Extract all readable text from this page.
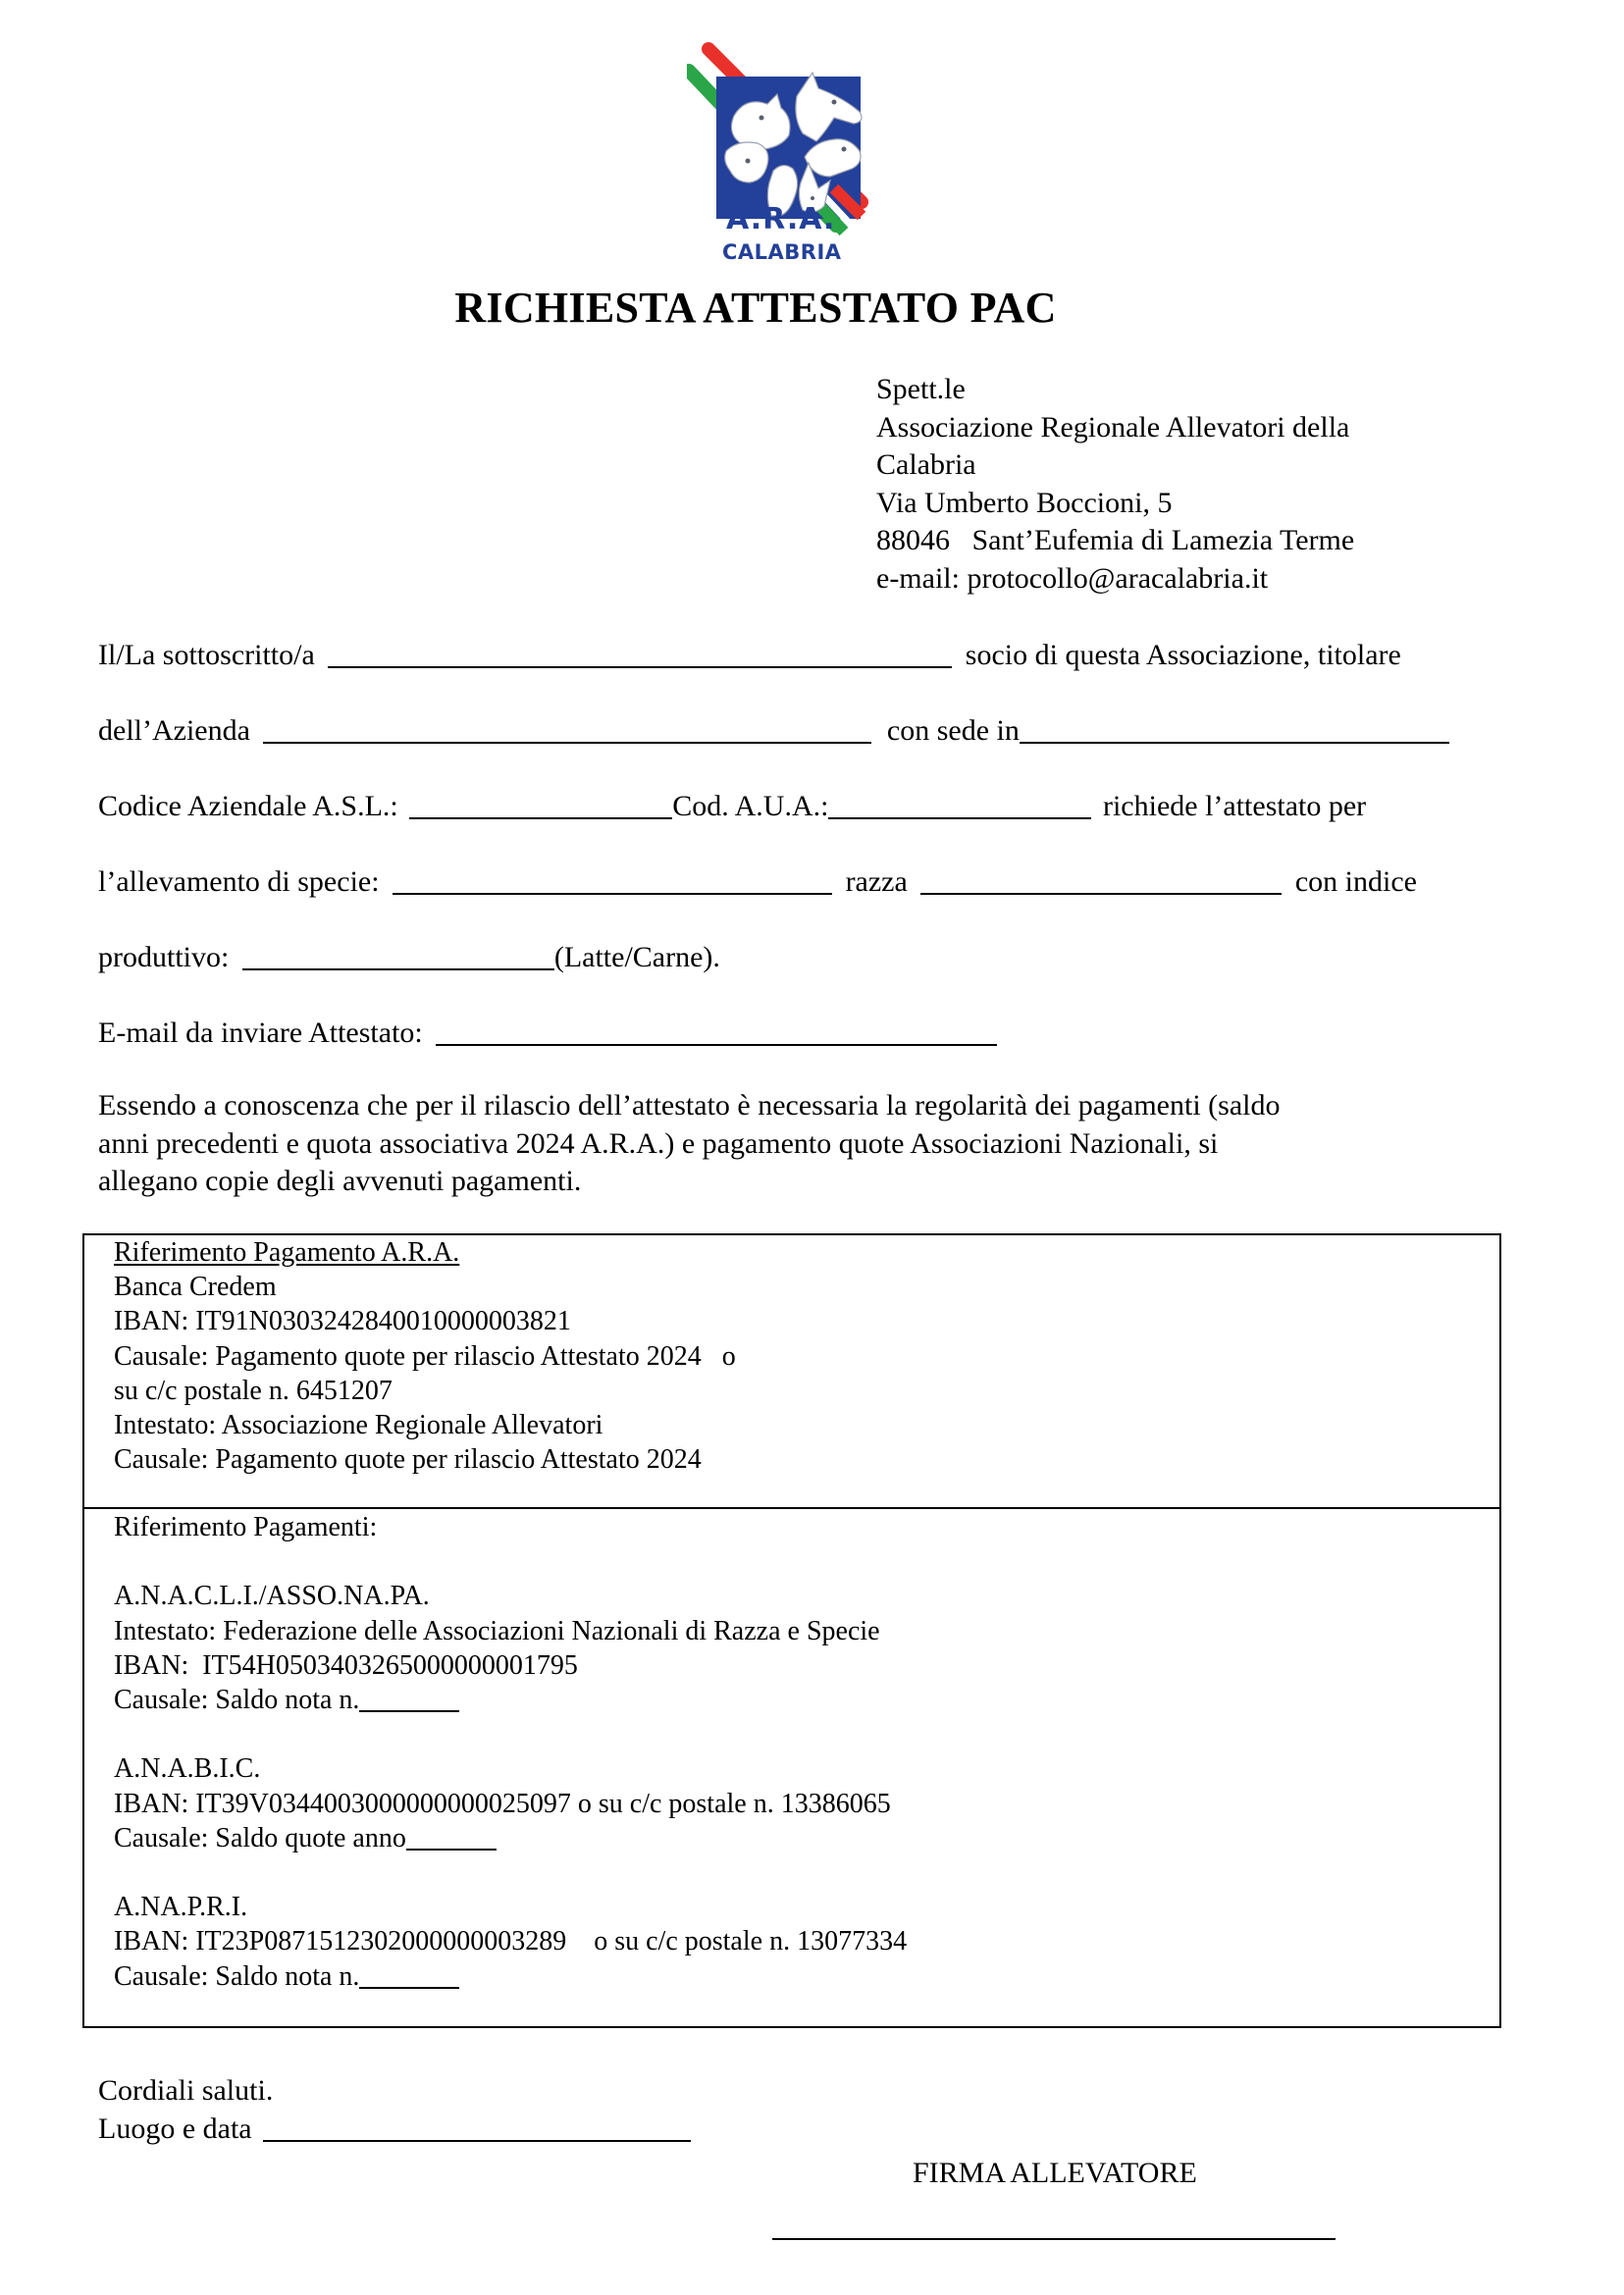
A.R.A.
CALABRIA
RICHIESTA ATTESTATO PAC
Spett.le
Associazione Regionale Allevatori della
Calabria
Via Umberto Boccioni, 5
88046   Sant’Eufemia di Lamezia Terme
e-mail: protocollo@aracalabria.it
Il/La sottoscritto/a	socio di questa Associazione, titolare
dell’Azienda	con sede in
Codice Aziendale A.S.L.:	Cod. A.U.A.:	richiede l’attestato per
l’allevamento di specie:	razza	con indice
produttivo:	(Latte/Carne).
E-mail da inviare Attestato:
Essendo a conoscenza che per il rilascio dell’attestato è necessaria la regolarità dei pagamenti (saldo
anni precedenti e quota associativa 2024 A.R.A.) e pagamento quote Associazioni Nazionali, si
allegano copie degli avvenuti pagamenti.
Riferimento Pagamento A.R.A.
Banca Credem
IBAN: IT91N0303242840010000003821
Causale: Pagamento quote per rilascio Attestato 2024   o
su c/c postale n. 6451207
Intestato: Associazione Regionale Allevatori
Causale: Pagamento quote per rilascio Attestato 2024
Riferimento Pagamenti:
A.N.A.C.L.I./ASSO.NA.PA.
Intestato: Federazione delle Associazioni Nazionali di Razza e Specie
IBAN:  IT54H0503403265000000001795
Causale: Saldo nota n.
A.N.A.B.I.C.
IBAN: IT39V0344003000000000025097 o su c/c postale n. 13386065
Causale: Saldo quote anno
A.NA.P.R.I.
IBAN: IT23P0871512302000000003289    o su c/c postale n. 13077334
Causale: Saldo nota n.
Cordiali saluti.
Luogo e data
FIRMA ALLEVATORE
